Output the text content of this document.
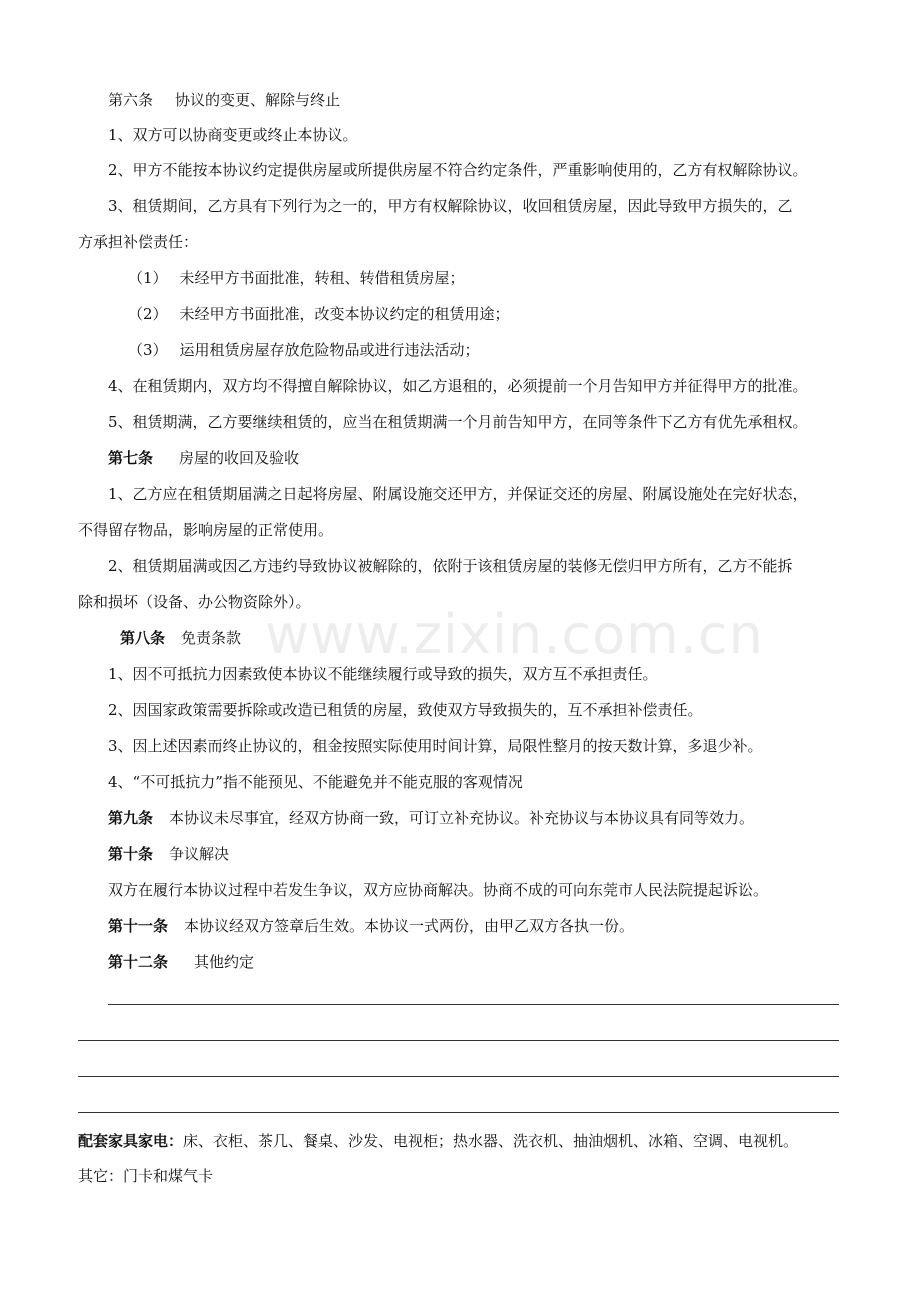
www.zixin.com.cn
第六条 协议的变更、解除与终止
1、双方可以协商变更或终止本协议。
2、甲方不能按本协议约定提供房屋或所提供房屋不符合约定条件，严重影响使用的，乙方有权解除协议。
3、租赁期间，乙方具有下列行为之一的，甲方有权解除协议，收回租赁房屋，因此导致甲方损失的，乙
方承担补偿责任：
（1） 未经甲方书面批准，转租、转借租赁房屋；
（2） 未经甲方书面批准，改变本协议约定的租赁用途；
（3） 运用租赁房屋存放危险物品或进行违法活动；
4、在租赁期内，双方均不得擅自解除协议，如乙方退租的，必须提前一个月告知甲方并征得甲方的批准。
5、租赁期满，乙方要继续租赁的，应当在租赁期满一个月前告知甲方，在同等条件下乙方有优先承租权。
第七条 房屋的收回及验收
1、乙方应在租赁期届满之日起将房屋、附属设施交还甲方，并保证交还的房屋、附属设施处在完好状态，
不得留存物品，影响房屋的正常使用。
2、租赁期届满或因乙方违约导致协议被解除的，依附于该租赁房屋的装修无偿归甲方所有，乙方不能拆
除和损坏（设备、办公物资除外）。
第八条 免责条款
1、因不可抵抗力因素致使本协议不能继续履行或导致的损失，双方互不承担责任。
2、因国家政策需要拆除或改造已租赁的房屋，致使双方导致损失的，互不承担补偿责任。
3、因上述因素而终止协议的，租金按照实际使用时间计算，局限性整月的按天数计算，多退少补。
4、“不可抵抗力”指不能预见、不能避免并不能克服的客观情况
第九条 本协议未尽事宜，经双方协商一致，可订立补充协议。补充协议与本协议具有同等效力。
第十条 争议解决
双方在履行本协议过程中若发生争议，双方应协商解决。协商不成的可向东莞市人民法院提起诉讼。
第十一条 本协议经双方签章后生效。本协议一式两份，由甲乙双方各执一份。
第十二条 其他约定
配套家具家电：床、衣柜、茶几、餐桌、沙发、电视柜；热水器、洗衣机、抽油烟机、冰箱、空调、电视机。
其它：门卡和煤气卡
